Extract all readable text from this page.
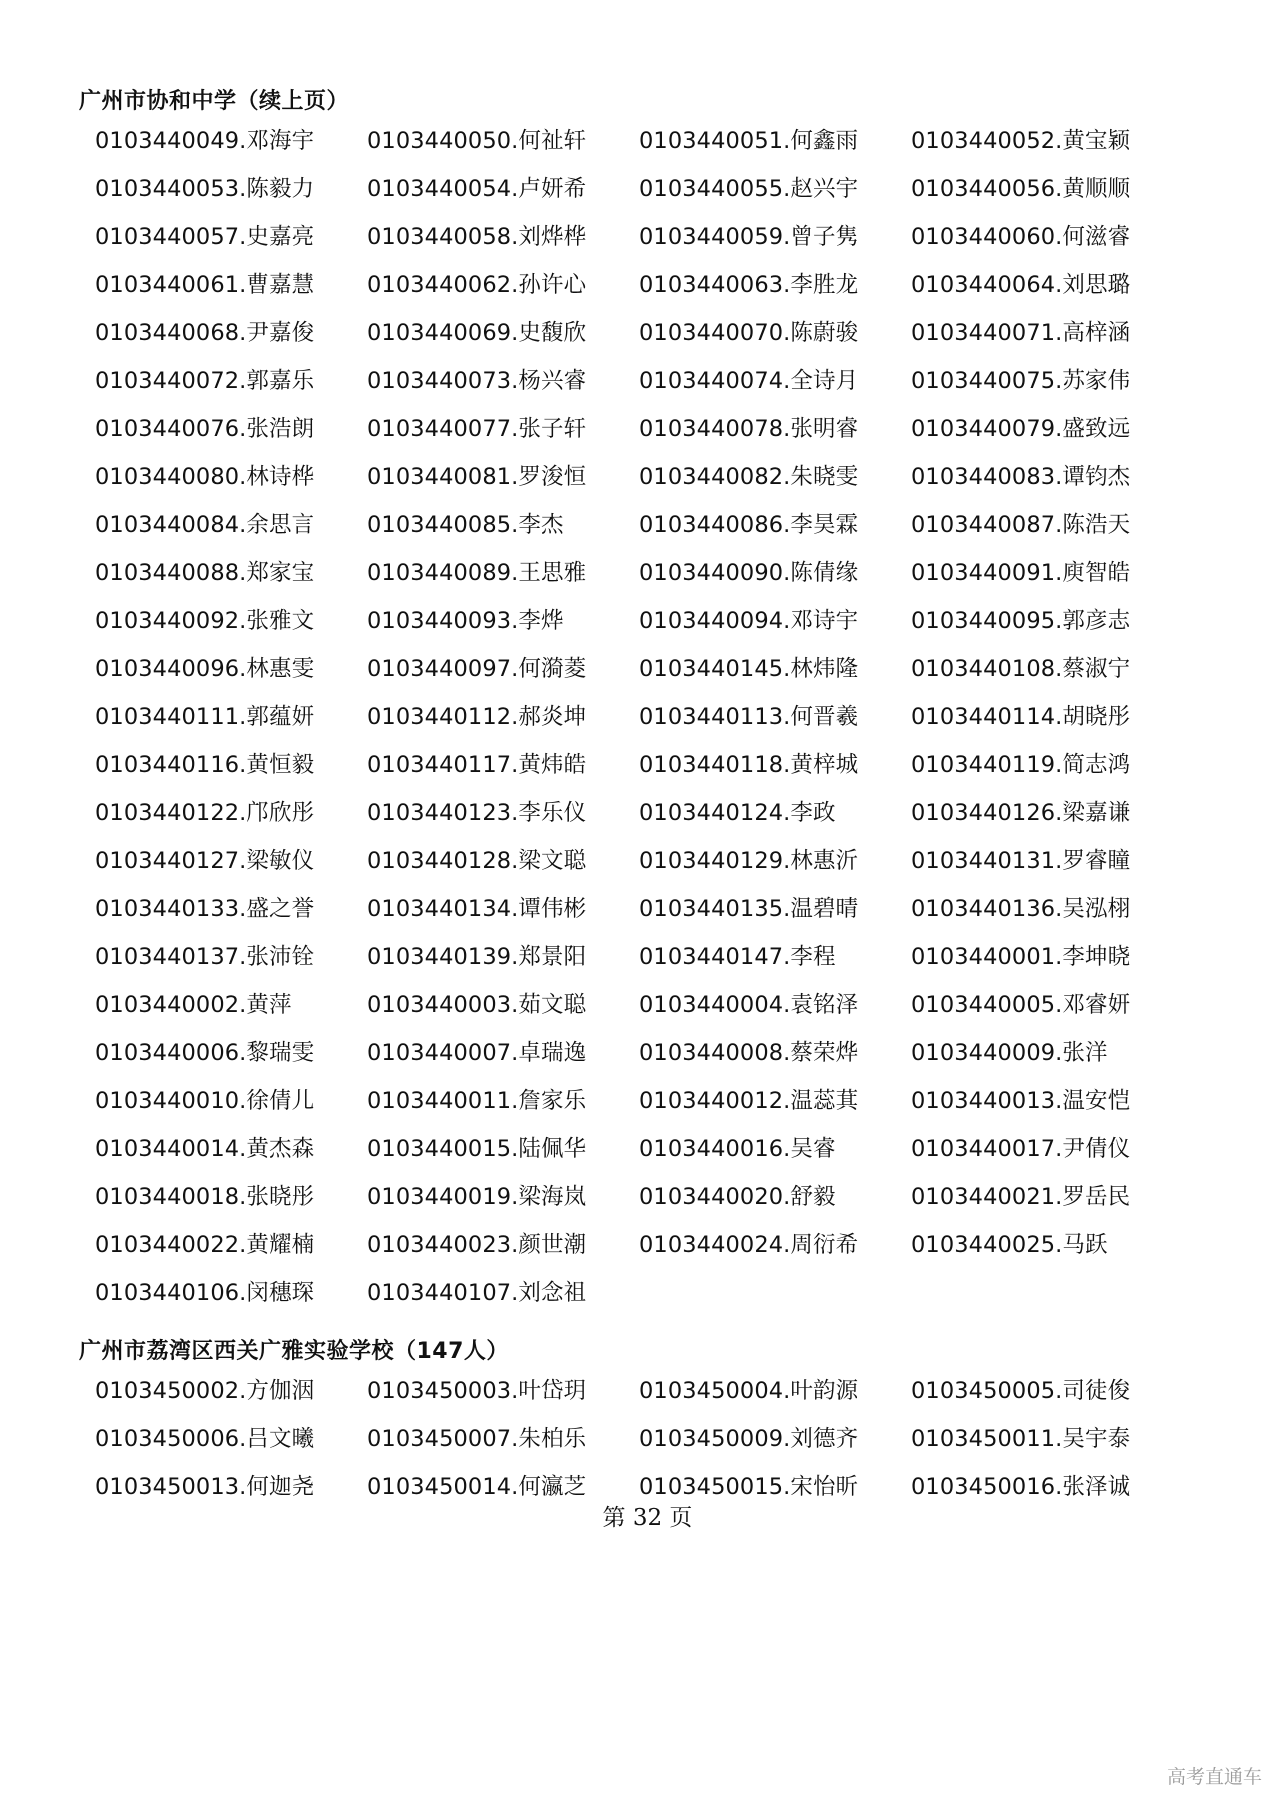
广州市协和中学（续上页）
0103440049.邓海宇	0103440050.何祉轩	0103440051.何鑫雨	0103440052.黄宝颖
0103440053.陈毅力	0103440054.卢妍希	0103440055.赵兴宇	0103440056.黄顺顺
0103440057.史嘉亮	0103440058.刘烨桦	0103440059.曾子隽	0103440060.何滋睿
0103440061.曹嘉慧	0103440062.孙许心	0103440063.李胜龙	0103440064.刘思璐
0103440068.尹嘉俊	0103440069.史馥欣	0103440070.陈蔚骏	0103440071.高梓涵
0103440072.郭嘉乐	0103440073.杨兴睿	0103440074.全诗月	0103440075.苏家伟
0103440076.张浩朗	0103440077.张子轩	0103440078.张明睿	0103440079.盛致远
0103440080.林诗桦	0103440081.罗浚恒	0103440082.朱晓雯	0103440083.谭钧杰
0103440084.余思言	0103440085.李杰	0103440086.李昊霖	0103440087.陈浩天
0103440088.郑家宝	0103440089.王思雅	0103440090.陈倩缘	0103440091.庾智皓
0103440092.张雅文	0103440093.李烨	0103440094.邓诗宇	0103440095.郭彦志
0103440096.林惠雯	0103440097.何漪菱	0103440145.林炜隆	0103440108.蔡淑宁
0103440111.郭蕴妍	0103440112.郝炎坤	0103440113.何晋羲	0103440114.胡晓彤
0103440116.黄恒毅	0103440117.黄炜皓	0103440118.黄梓城	0103440119.简志鸿
0103440122.邝欣彤	0103440123.李乐仪	0103440124.李政	0103440126.梁嘉谦
0103440127.梁敏仪	0103440128.梁文聪	0103440129.林惠沂	0103440131.罗睿瞳
0103440133.盛之誉	0103440134.谭伟彬	0103440135.温碧晴	0103440136.吴泓栩
0103440137.张沛铨	0103440139.郑景阳	0103440147.李程	0103440001.李坤晓
0103440002.黄萍	0103440003.茹文聪	0103440004.袁铭泽	0103440005.邓睿妍
0103440006.黎瑞雯	0103440007.卓瑞逸	0103440008.蔡荣烨	0103440009.张洋
0103440010.徐倩儿	0103440011.詹家乐	0103440012.温蕊萁	0103440013.温安恺
0103440014.黄杰森	0103440015.陆佩华	0103440016.吴睿	0103440017.尹倩仪
0103440018.张晓彤	0103440019.梁海岚	0103440020.舒毅	0103440021.罗岳民
0103440022.黄耀楠	0103440023.颜世潮	0103440024.周衍希	0103440025.马跃
0103440106.闵穗琛	0103440107.刘念祖
广州市荔湾区西关广雅实验学校（147人）
0103450002.方伽洇	0103450003.叶岱玥	0103450004.叶韵源	0103450005.司徒俊
0103450006.吕文曦	0103450007.朱柏乐	0103450009.刘德齐	0103450011.吴宇泰
0103450013.何迦尧	0103450014.何瀛芝	0103450015.宋怡昕	0103450016.张泽诚
第 32 页
高考直通车
